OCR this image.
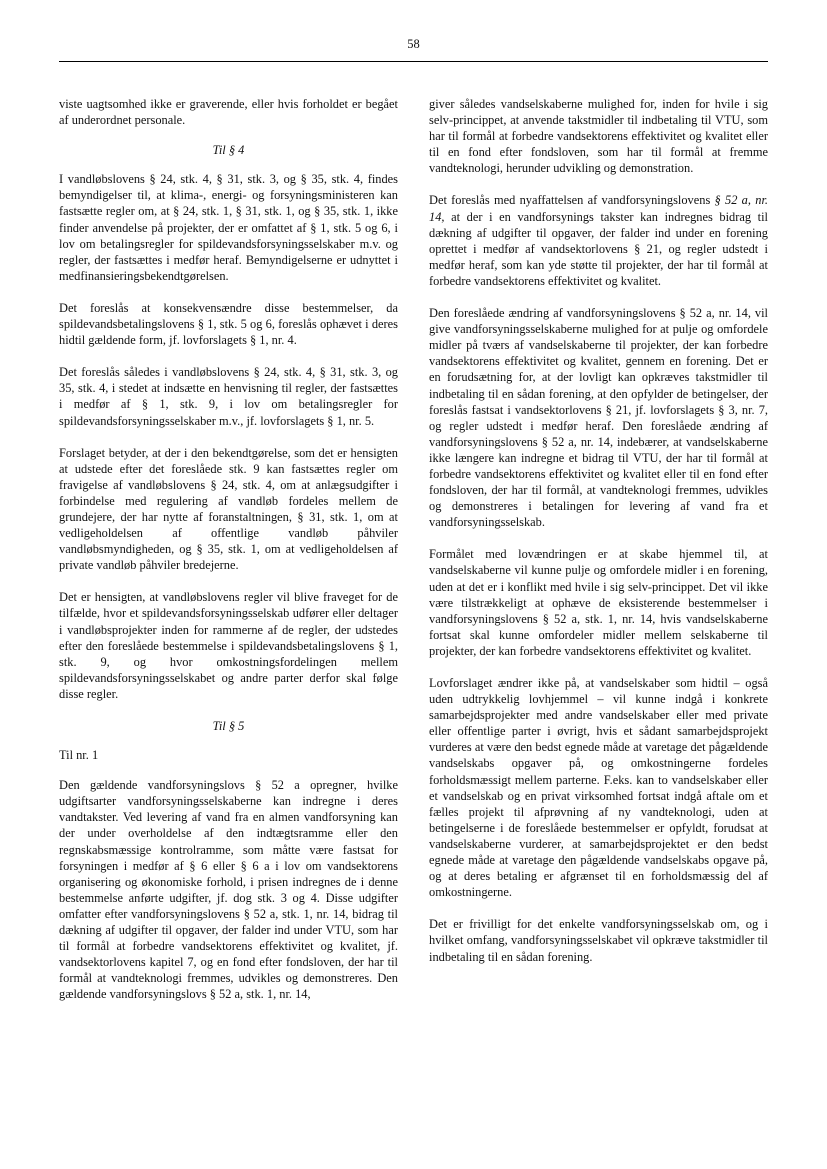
58

viste uagtsomhed ikke er graverende, eller hvis forholdet er begået af underordnet personale.

Til § 4

I vandløbslovens § 24, stk. 4, § 31, stk. 3, og § 35, stk. 4, findes bemyndigelser til, at klima-, energi- og forsyningsministeren kan fastsætte regler om, at § 24, stk. 1, § 31, stk. 1, og § 35, stk. 1, ikke finder anvendelse på projekter, der er omfattet af § 1, stk. 5 og 6, i lov om betalingsregler for spildevandsforsyningsselskaber m.v. og regler, der fastsættes i medfør heraf. Bemyndigelserne er udnyttet i medfinansieringsbekendtgørelsen.

Det foreslås at konsekvensændre disse bestemmelser, da spildevandsbetalingslovens § 1, stk. 5 og 6, foreslås ophævet i deres hidtil gældende form, jf. lovforslagets § 1, nr. 4.

Det foreslås således i vandløbslovens § 24, stk. 4, § 31, stk. 3, og 35, stk. 4, i stedet at indsætte en henvisning til regler, der fastsættes i medfør af § 1, stk. 9, i lov om betalingsregler for spildevandsforsyningsselskaber m.v., jf. lovforslagets § 1, nr. 5.

Forslaget betyder, at der i den bekendtgørelse, som det er hensigten at udstede efter det foreslåede stk. 9 kan fastsættes regler om fravigelse af vandløbslovens § 24, stk. 4, om at anlægsudgifter i forbindelse med regulering af vandløb fordeles mellem de grundejere, der har nytte af foranstaltningen, § 31, stk. 1, om at vedligeholdelsen af offentlige vandløb påhviler vandløbsmyndigheden, og § 35, stk. 1, om at vedligeholdelsen af private vandløb påhviler bredejerne.

Det er hensigten, at vandløbslovens regler vil blive fraveget for de tilfælde, hvor et spildevandsforsyningsselskab udfører eller deltager i vandløbsprojekter inden for rammerne af de regler, der udstedes efter den foreslåede bestemmelse i spildevandsbetalingslovens § 1, stk. 9, og hvor omkostningsfordelingen mellem spildevandsforsyningsselskabet og andre parter derfor skal følge disse regler.

Til § 5

Til nr. 1

Den gældende vandforsyningslovs § 52 a opregner, hvilke udgiftsarter vandforsyningsselskaberne kan indregne i deres vandtakster. Ved levering af vand fra en almen vandforsyning kan der under overholdelse af den indtægtsramme eller den regnskabsmæssige kontrolramme, som måtte være fastsat for forsyningen i medfør af § 6 eller § 6 a i lov om vandsektorens organisering og økonomiske forhold, i prisen indregnes de i denne bestemmelse anførte udgifter, jf. dog stk. 3 og 4. Disse udgifter omfatter efter vandforsyningslovens § 52 a, stk. 1, nr. 14, bidrag til dækning af udgifter til opgaver, der falder ind under VTU, som har til formål at forbedre vandsektorens effektivitet og kvalitet, jf. vandsektorlovens kapitel 7, og en fond efter fondsloven, der har til formål at vandteknologi fremmes, udvikles og demonstreres. Den gældende vandforsyningslovs § 52 a, stk. 1, nr. 14,

giver således vandselskaberne mulighed for, inden for hvile i sig selv-princippet, at anvende takstmidler til indbetaling til VTU, som har til formål at forbedre vandsektorens effektivitet og kvalitet eller til en fond efter fondsloven, som har til formål at fremme vandteknologi, herunder udvikling og demonstration.

Det foreslås med nyaffattelsen af vandforsyningslovens § 52 a, nr. 14, at der i en vandforsynings takster kan indregnes bidrag til dækning af udgifter til opgaver, der falder ind under en forening oprettet i medfør af vandsektorlovens § 21, og regler udstedt i medfør heraf, som kan yde støtte til projekter, der har til formål at forbedre vandsektorens effektivitet og kvalitet.

Den foreslåede ændring af vandforsyningslovens § 52 a, nr. 14, vil give vandforsyningsselskaberne mulighed for at pulje og omfordele midler på tværs af vandselskaberne til projekter, der kan forbedre vandsektorens effektivitet og kvalitet, gennem en forening. Det er en forudsætning for, at der lovligt kan opkræves takstmidler til indbetaling til en sådan forening, at den opfylder de betingelser, der foreslås fastsat i vandsektorlovens § 21, jf. lovforslagets § 3, nr. 7, og regler udstedt i medfør heraf. Den foreslåede ændring af vandforsyningslovens § 52 a, nr. 14, indebærer, at vandselskaberne ikke længere kan indregne et bidrag til VTU, der har til formål at forbedre vandsektorens effektivitet og kvalitet eller til en fond efter fondsloven, der har til formål, at vandteknologi fremmes, udvikles og demonstreres i betalingen for levering af vand fra et vandforsyningsselskab.

Formålet med lovændringen er at skabe hjemmel til, at vandselskaberne vil kunne pulje og omfordele midler i en forening, uden at det er i konflikt med hvile i sig selv-princippet. Det vil ikke være tilstrækkeligt at ophæve de eksisterende bestemmelser i vandforsyningslovens § 52 a, stk. 1, nr. 14, hvis vandselskaberne fortsat skal kunne omfordeler midler mellem selskaberne til projekter, der kan forbedre vandsektorens effektivitet og kvalitet.

Lovforslaget ændrer ikke på, at vandselskaber som hidtil – også uden udtrykkelig lovhjemmel – vil kunne indgå i konkrete samarbejdsprojekter med andre vandselskaber eller med private eller offentlige parter i øvrigt, hvis et sådant samarbejdsprojekt vurderes at være den bedst egnede måde at varetage det pågældende vandselskabs opgaver på, og omkostningerne fordeles forholdsmæssigt mellem parterne. F.eks. kan to vandselskaber eller et vandselskab og en privat virksomhed fortsat indgå aftale om et fælles projekt til afprøvning af ny vandteknologi, uden at betingelserne i de foreslåede bestemmelser er opfyldt, forudsat at vandselskaberne vurderer, at samarbejdsprojektet er den bedst egnede måde at varetage den pågældende vandselskabs opgave på, og at deres betaling er afgrænset til en forholdsmæssig del af omkostningerne.

Det er frivilligt for det enkelte vandforsyningsselskab om, og i hvilket omfang, vandforsyningsselskabet vil opkræve takstmidler til indbetaling til en sådan forening.
